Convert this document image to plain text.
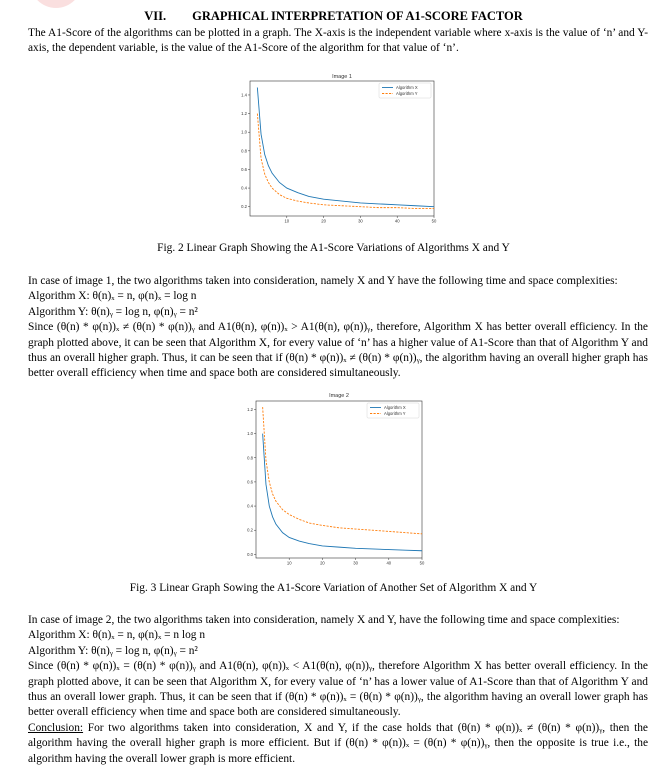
VII. GRAPHICAL INTERPRETATION OF A1-SCORE FACTOR

The A1-Score of the algorithms can be plotted in a graph. The X-axis is the independent variable where x-axis is the value of ‘n’ and Y-axis, the dependent variable, is the value of the A1-Score of the algorithm for that value of ‘n’.

Image 1
10	20	30	40	50
0.2
0.4
0.6
0.8
1.0
1.2
1.4
Algorithm X
Algorithm Y

Fig. 2 Linear Graph Showing the A1-Score Variations of Algorithms X and Y

In case of image 1, the two algorithms taken into consideration, namely X and Y have the following time and space complexities:

Algorithm X: θ(n)ₓ = n, φ(n)ₓ = log n

Algorithm Y: θ(n)ᵧ = log n, φ(n)ᵧ = n²

Since (θ(n) * φ(n))ₓ ≠ (θ(n) * φ(n))ᵧ and A1(θ(n), φ(n))ₓ > A1(θ(n), φ(n))ᵧ, therefore, Algorithm X has better overall efficiency. In the graph plotted above, it can be seen that Algorithm X, for every value of ‘n’ has a higher value of A1-Score than that of Algorithm Y and thus an overall higher graph. Thus, it can be seen that if (θ(n) * φ(n))ₓ ≠ (θ(n) * φ(n))ᵧ, the algorithm having an overall higher graph has better overall efficiency when time and space both are considered simultaneously.

Image 2
10	20	30	40	50
0.0
0.2
0.4
0.6
0.8
1.0
1.2	Algorithm X
Algorithm Y

Fig. 3 Linear Graph Sowing the A1-Score Variation of Another Set of Algorithm X and Y

In case of image 2, the two algorithms taken into consideration, namely X and Y, have the following time and space complexities:

Algorithm X: θ(n)ₓ = n, φ(n)ₓ = n log n

Algorithm Y: θ(n)ᵧ = log n, φ(n)ᵧ = n²

Since (θ(n) * φ(n))ₓ = (θ(n) * φ(n))ᵧ and A1(θ(n), φ(n))ₓ < A1(θ(n), φ(n))ᵧ, therefore Algorithm X has better overall efficiency. In the graph plotted above, it can be seen that Algorithm X, for every value of ‘n’ has a lower value of A1-Score than that of Algorithm Y and thus an overall lower graph. Thus, it can be seen that if (θ(n) * φ(n))ₓ = (θ(n) * φ(n))ᵧ, the algorithm having an overall lower graph has better overall efficiency when time and space both are considered simultaneously.

Conclusion: For two algorithms taken into consideration, X and Y, if the case holds that (θ(n) * φ(n))ₓ ≠ (θ(n) * φ(n))ᵧ, then the algorithm having the overall higher graph is more efficient. But if (θ(n) * φ(n))ₓ = (θ(n) * φ(n))ᵧ, then the opposite is true i.e., the algorithm having the overall lower graph is more efficient.
